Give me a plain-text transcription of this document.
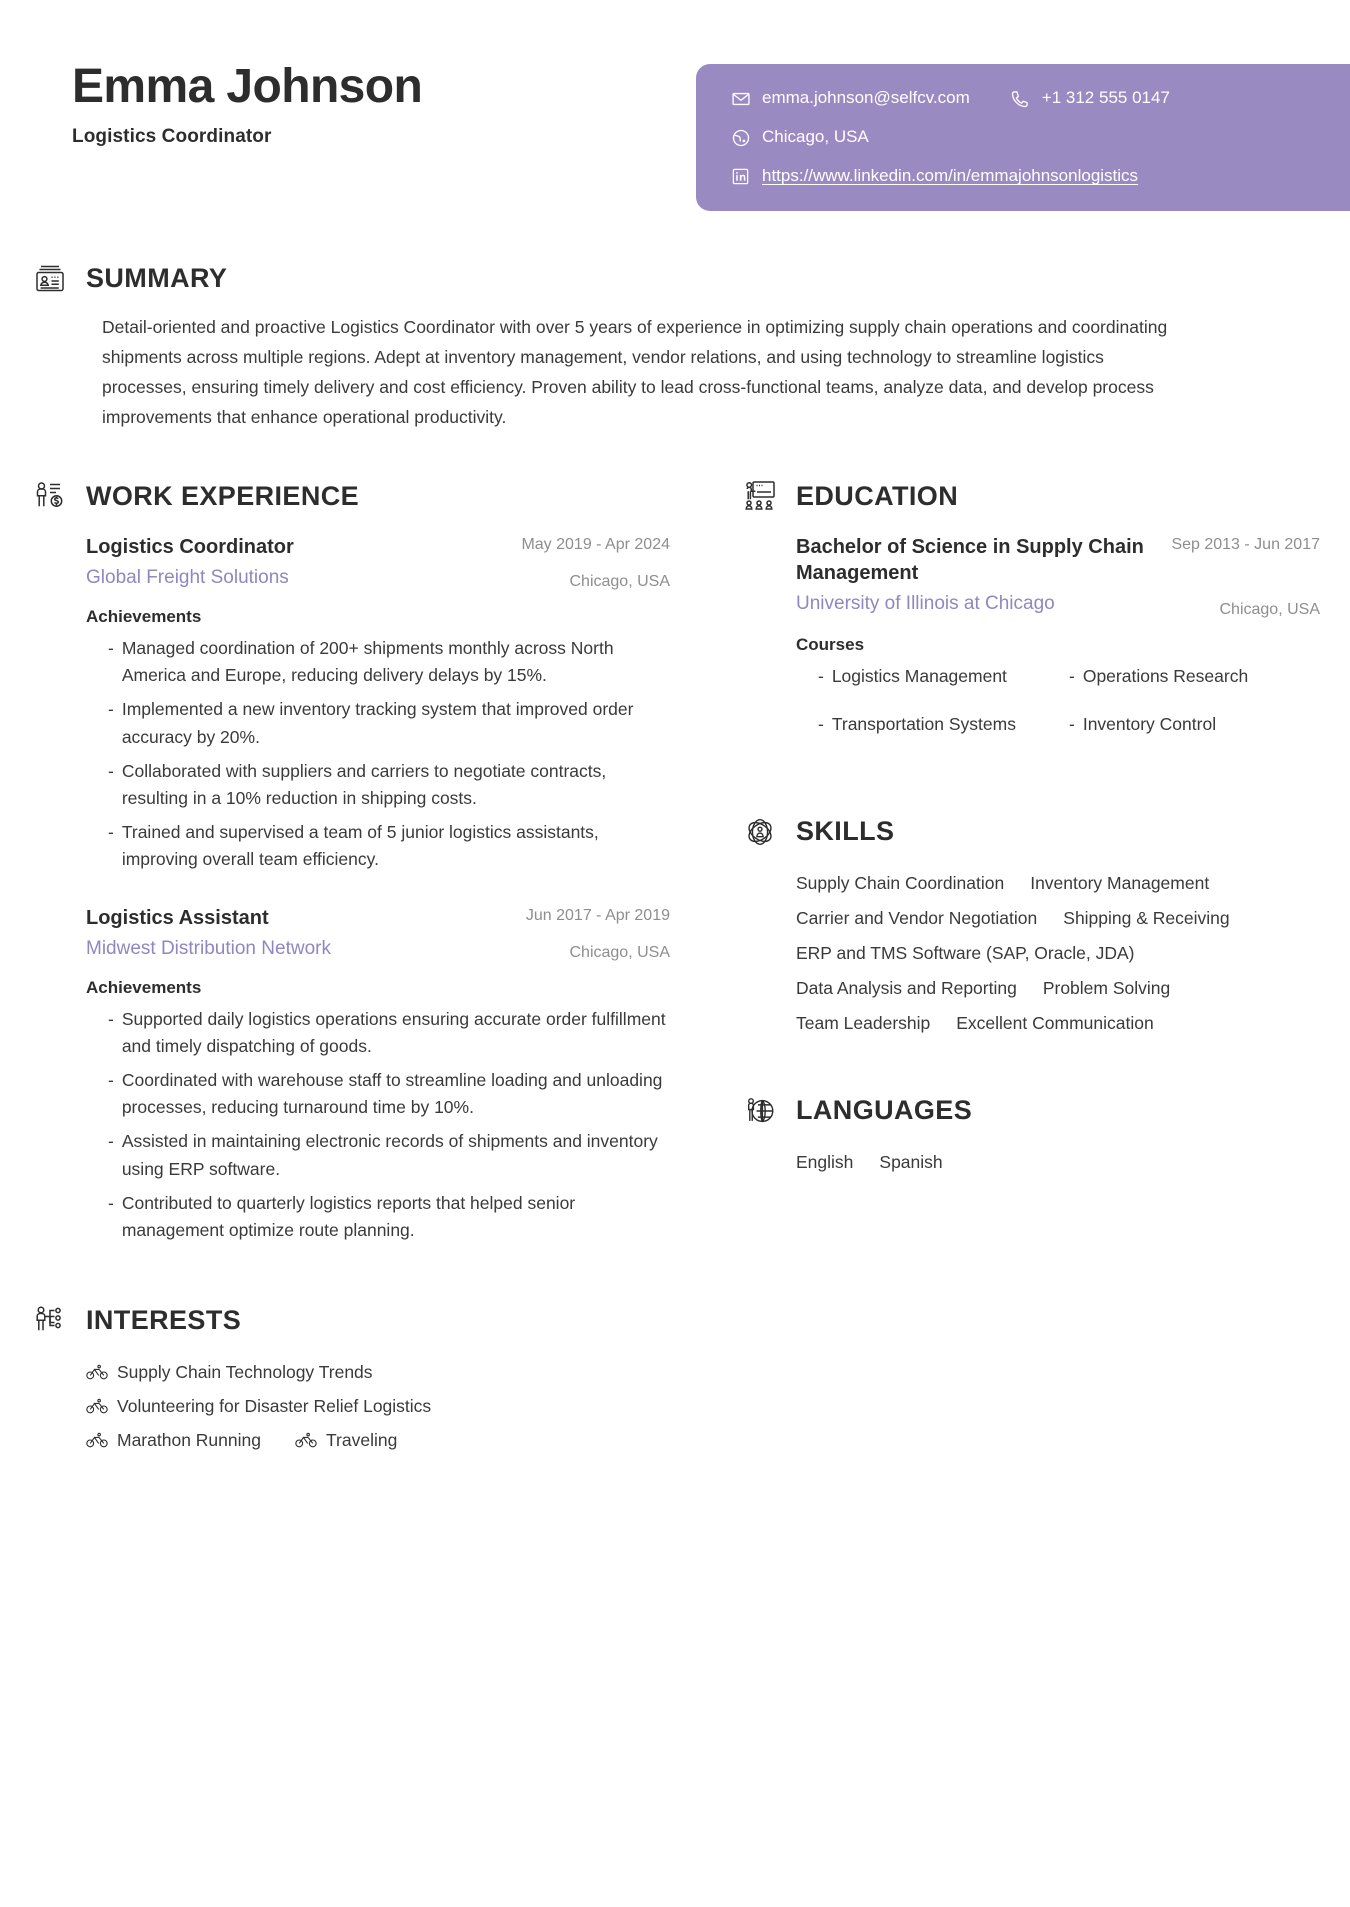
Emma Johnson
Logistics Coordinator
emma.johnson@selfcv.com	+1 312 555 0147
Chicago, USA
https://www.linkedin.com/in/emmajohnsonlogistics
SUMMARY
Detail-oriented and proactive Logistics Coordinator with over 5 years of experience in optimizing supply chain operations and coordinating shipments across multiple regions. Adept at inventory management, vendor relations, and using technology to streamline logistics processes, ensuring timely delivery and cost efficiency. Proven ability to lead cross-functional teams, analyze data, and develop process improvements that enhance operational productivity.
WORK EXPERIENCE
Logistics Coordinator
Global Freight Solutions
May 2019 - Apr 2024
Chicago, USA
Achievements
- Managed coordination of 200+ shipments monthly across North America and Europe, reducing delivery delays by 15%.
- Implemented a new inventory tracking system that improved order accuracy by 20%.
- Collaborated with suppliers and carriers to negotiate contracts, resulting in a 10% reduction in shipping costs.
- Trained and supervised a team of 5 junior logistics assistants, improving overall team efficiency.
Logistics Assistant
Midwest Distribution Network
Jun 2017 - Apr 2019
Chicago, USA
Achievements
- Supported daily logistics operations ensuring accurate order fulfillment and timely dispatching of goods.
- Coordinated with warehouse staff to streamline loading and unloading processes, reducing turnaround time by 10%.
- Assisted in maintaining electronic records of shipments and inventory using ERP software.
- Contributed to quarterly logistics reports that helped senior management optimize route planning.
EDUCATION
Bachelor of Science in Supply Chain Management
University of Illinois at Chicago
Sep 2013 - Jun 2017
Chicago, USA
Courses
- Logistics Management	- Operations Research
- Transportation Systems	- Inventory Control
SKILLS
Supply Chain Coordination Inventory Management
Carrier and Vendor Negotiation Shipping & Receiving
ERP and TMS Software (SAP, Oracle, JDA)
Data Analysis and Reporting Problem Solving
Team Leadership Excellent Communication
LANGUAGES
English Spanish
INTERESTS
Supply Chain Technology Trends
Volunteering for Disaster Relief Logistics
Marathon Running	Traveling
